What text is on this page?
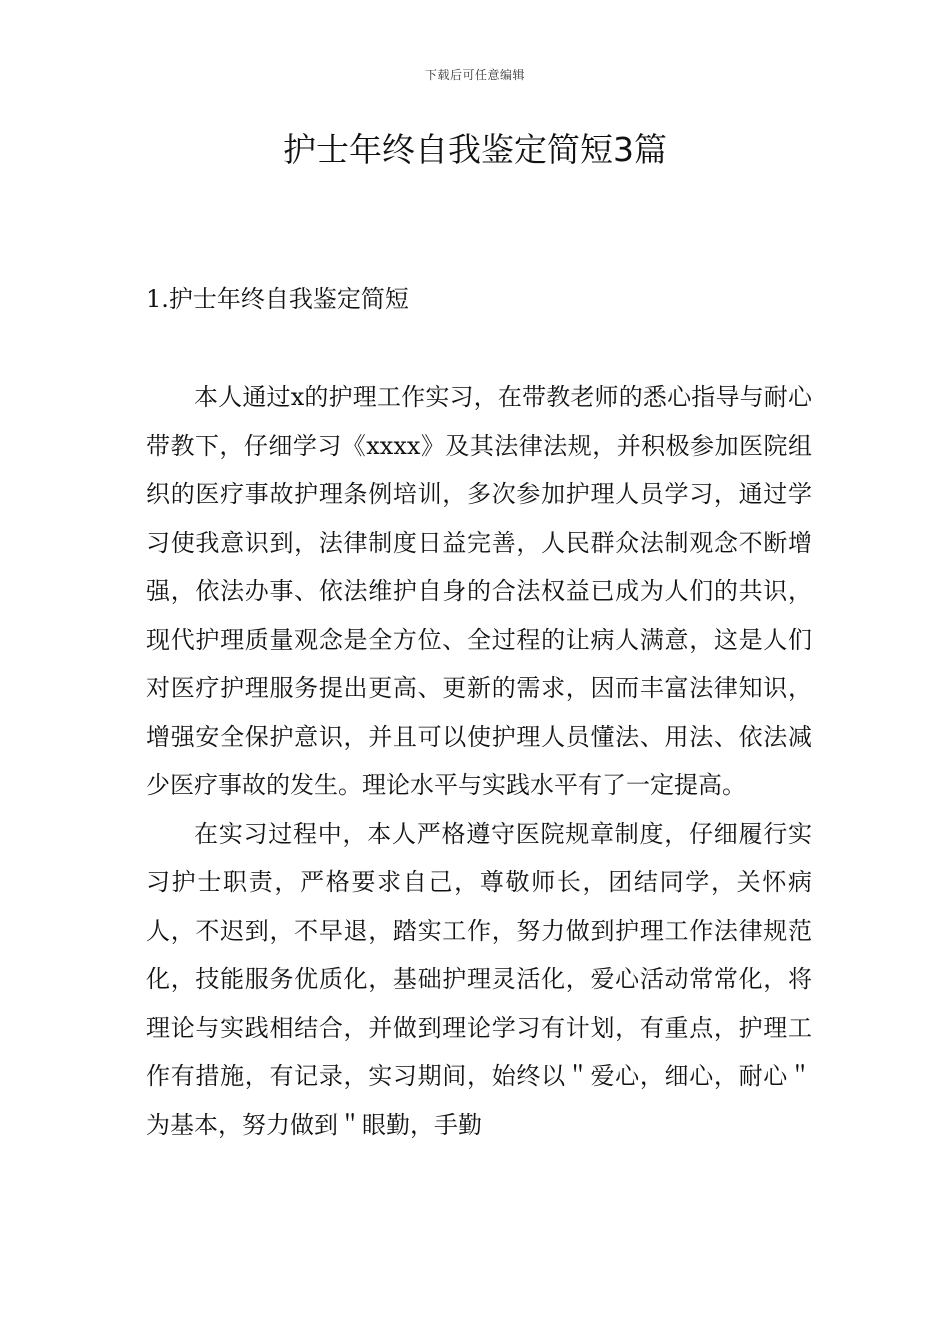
下载后可任意编辑
护士年终自我鉴定简短3篇
1.护士年终自我鉴定简短

本人通过x的护理工作实习，在带教老师的悉心指导与耐心带教下，仔细学习《xxxx》及其法律法规，并积极参加医院组织的医疗事故护理条例培训，多次参加护理人员学习，通过学习使我意识到，法律制度日益完善，人民群众法制观念不断增强，依法办事、依法维护自身的合法权益已成为人们的共识，现代护理质量观念是全方位、全过程的让病人满意，这是人们对医疗护理服务提出更高、更新的需求，因而丰富法律知识，增强安全保护意识，并且可以使护理人员懂法、用法、依法减少医疗事故的发生。理论水平与实践水平有了一定提高。

在实习过程中，本人严格遵守医院规章制度，仔细履行实习护士职责，严格要求自己，尊敬师长，团结同学，关怀病人，不迟到，不早退，踏实工作，努力做到护理工作法律规范化，技能服务优质化，基础护理灵活化，爱心活动常常化，将理论与实践相结合，并做到理论学习有计划，有重点，护理工作有措施，有记录，实习期间，始终以＂爱心，细心，耐心＂为基本，努力做到＂眼勤，手勤
